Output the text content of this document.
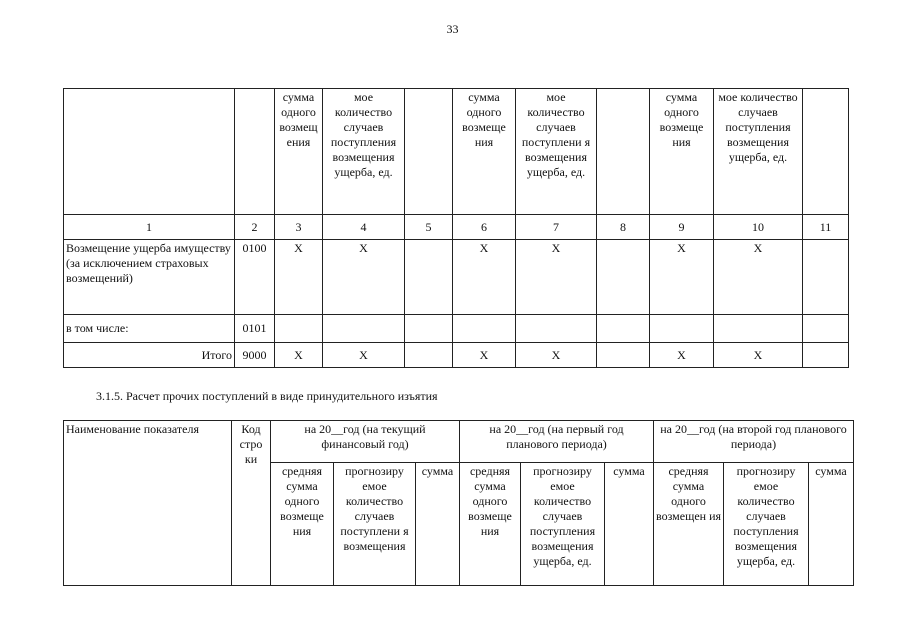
33
		сумма одного возмещ ения	мое количество случаев поступления возмещения ущерба, ед.		сумма одного возмеще ния	мое количество случаев поступлени я возмещения ущерба, ед.		сумма одного возмеще ния	мое количество случаев поступления возмещения ущерба, ед.	
1	2	3	4	5	6	7	8	9	10	11
Возмещение ущерба имуществу (за исключением страховых возмещений)	0100	X	X		X	X		X	X	
в том числе:	0101									
Итого	9000	X	X		X	X		X	X	
3.1.5. Расчет прочих поступлений в виде принудительного изъятия
Наименование показателя	Код стро ки	на 20__год (на текущий финансовый год)			на 20__год (на первый год планового периода)			на 20__год (на второй год планового периода)		
		средняя сумма одного возмеще ния	прогнозиру емое количество случаев поступлени я возмещения	сумма	средняя сумма одного возмеще ния	прогнозиру емое количество случаев поступления возмещения ущерба, ед.	сумма	средняя сумма одного возмещен ия	прогнозиру емое количество случаев поступления возмещения ущерба, ед.	сумма
